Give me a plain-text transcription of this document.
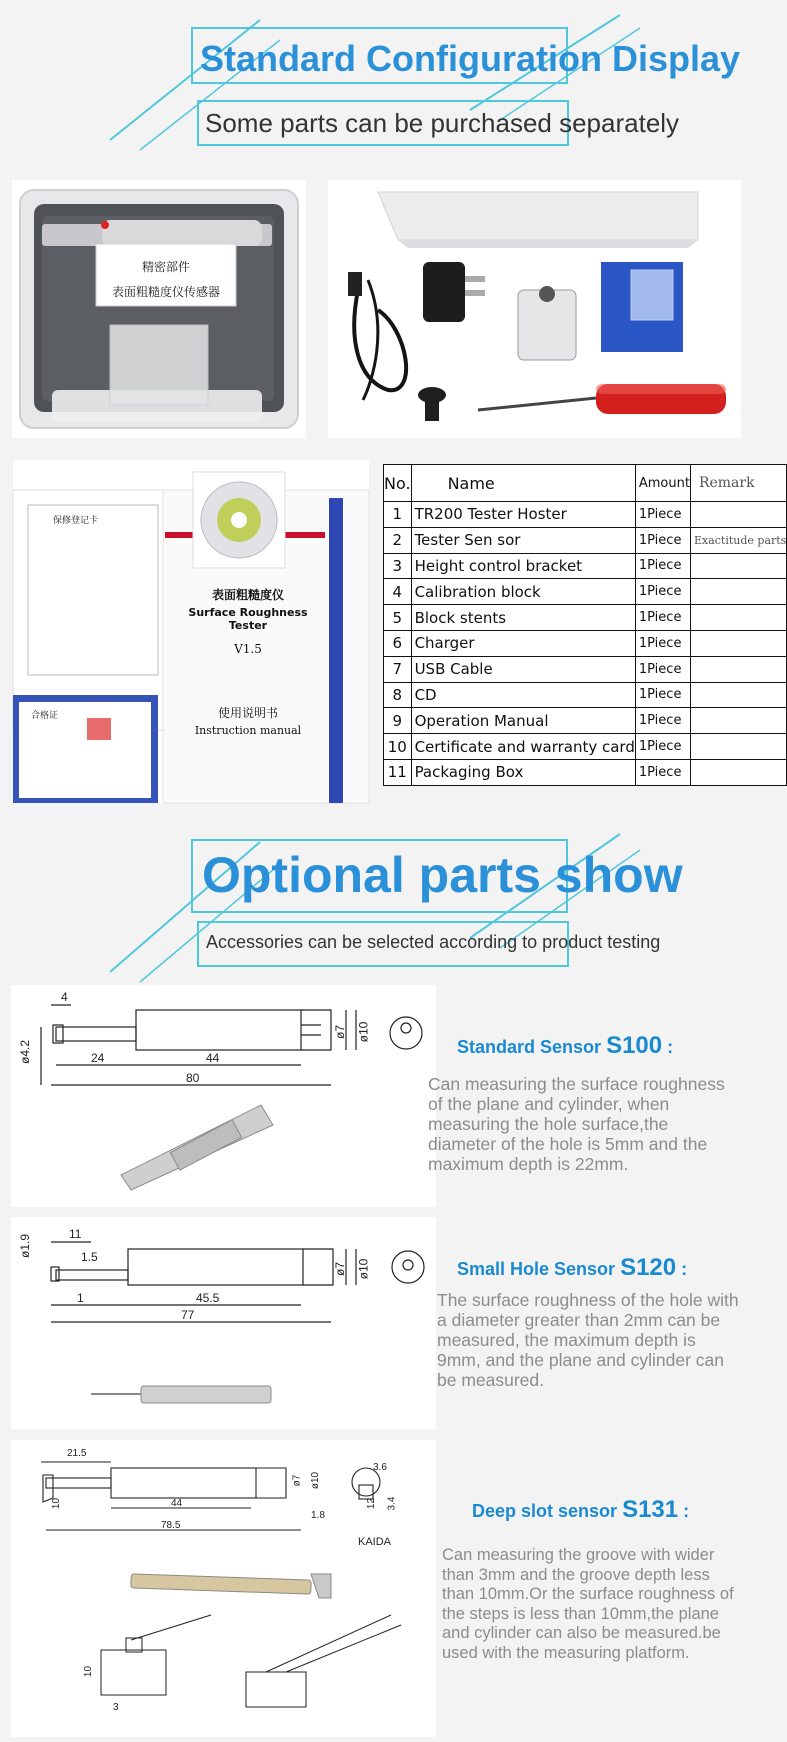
Standard Configuration Display
Some parts can be purchased separately
精密部件
表面粗糙度仪传感器
保修登记卡
合格证
表面粗糙度仪
Surface Roughness Tester
V1.5
使用说明书
Instruction manual
No.	Name	Amount	Remark
1	TR200 Tester Hoster	1Piece	
2	Tester Sen sor	1Piece	Exactitude parts
3	Height control bracket	1Piece	
4	Calibration block	1Piece	
5	Block stents	1Piece	
6	Charger	1Piece	
7	USB Cable	1Piece	
8	CD	1Piece	
9	Operation Manual	1Piece	
10	Certificate and warranty card	1Piece	
11	Packaging Box	1Piece	
Optional parts show
Accessories can be selected according to product testing
4
24	44
80
ø4.2
ø7 ø10
Standard Sensor S100 :
Can measuring the surface roughness of the plane and cylinder, when measuring the hole surface,the diameter of the hole is 5mm and the maximum depth is 22mm.
11
1.5
1	45.5
77
ø1.9
ø7 ø10	Small Hole Sensor S120 :
The surface roughness of the hole with a diameter greater than 2mm can be measured, the maximum depth is 9mm, and the plane and cylinder can be measured.
21.5
44
78.5
10
1.8
3.6
12 3.4
ø7 ø10
KAIDA
10
3
Deep slot sensor S131 :
Can measuring the groove with wider than 3mm and the groove depth less than 10mm.Or the surface roughness of the steps is less than 10mm,the plane and cylinder can also be measured.be used with the measuring platform.
